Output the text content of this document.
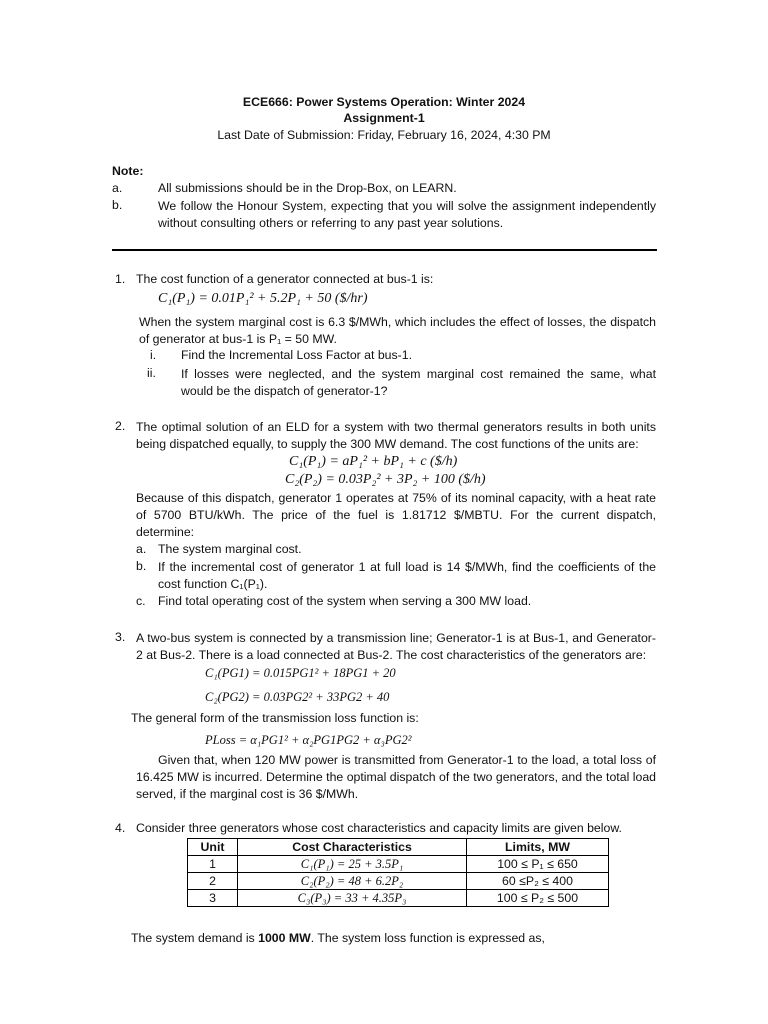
ECE666: Power Systems Operation: Winter 2024
Assignment-1
Last Date of Submission: Friday, February 16, 2024, 4:30 PM
Note:
a.	All submissions should be in the Drop-Box, on LEARN.
b.	We follow the Honour System, expecting that you will solve the assignment independently without consulting others or referring to any past year solutions.
1. The cost function of a generator connected at bus-1 is:
C₁(P₁) = 0.01P₁² + 5.2P₁ + 50 ($/hr)
When the system marginal cost is 6.3 $/MWh, which includes the effect of losses, the dispatch of generator at bus-1 is P₁ = 50 MW.
i. Find the Incremental Loss Factor at bus-1.
ii. If losses were neglected, and the system marginal cost remained the same, what would be the dispatch of generator-1?
2. The optimal solution of an ELD for a system with two thermal generators results in both units being dispatched equally, to supply the 300 MW demand. The cost functions of the units are:
C₁(P₁) = aP₁² + bP₁ + c ($/h)
C₂(P₂) = 0.03P₂² + 3P₂ + 100 ($/h)
Because of this dispatch, generator 1 operates at 75% of its nominal capacity, with a heat rate of 5700 BTU/kWh. The price of the fuel is 1.81712 $/MBTU. For the current dispatch, determine:
a. The system marginal cost.
b. If the incremental cost of generator 1 at full load is 14 $/MWh, find the coefficients of the cost function C₁(P₁).
c. Find total operating cost of the system when serving a 300 MW load.
3. A two-bus system is connected by a transmission line; Generator-1 is at Bus-1, and Generator-2 at Bus-2. There is a load connected at Bus-2. The cost characteristics of the generators are:
C₁(PG1) = 0.015PG1² + 18PG1 + 20
C₂(PG2) = 0.03PG2² + 33PG2 + 40
The general form of the transmission loss function is:
PLoss = α₁PG1² + α₂PG1PG2 + α₃PG2²
Given that, when 120 MW power is transmitted from Generator-1 to the load, a total loss of 16.425 MW is incurred. Determine the optimal dispatch of the two generators, and the total load served, if the marginal cost is 36 $/MWh.
4. Consider three generators whose cost characteristics and capacity limits are given below.
Unit	Cost Characteristics	Limits, MW
1	C₁(P₁) = 25 + 3.5P₁	100 ≤ P₁ ≤ 650
2	C₂(P₂) = 48 + 6.2P₂	60 ≤P₂ ≤ 400
3	C₃(P₃) = 33 + 4.35P₃	100 ≤ P₂ ≤ 500
The system demand is 1000 MW. The system loss function is expressed as,
